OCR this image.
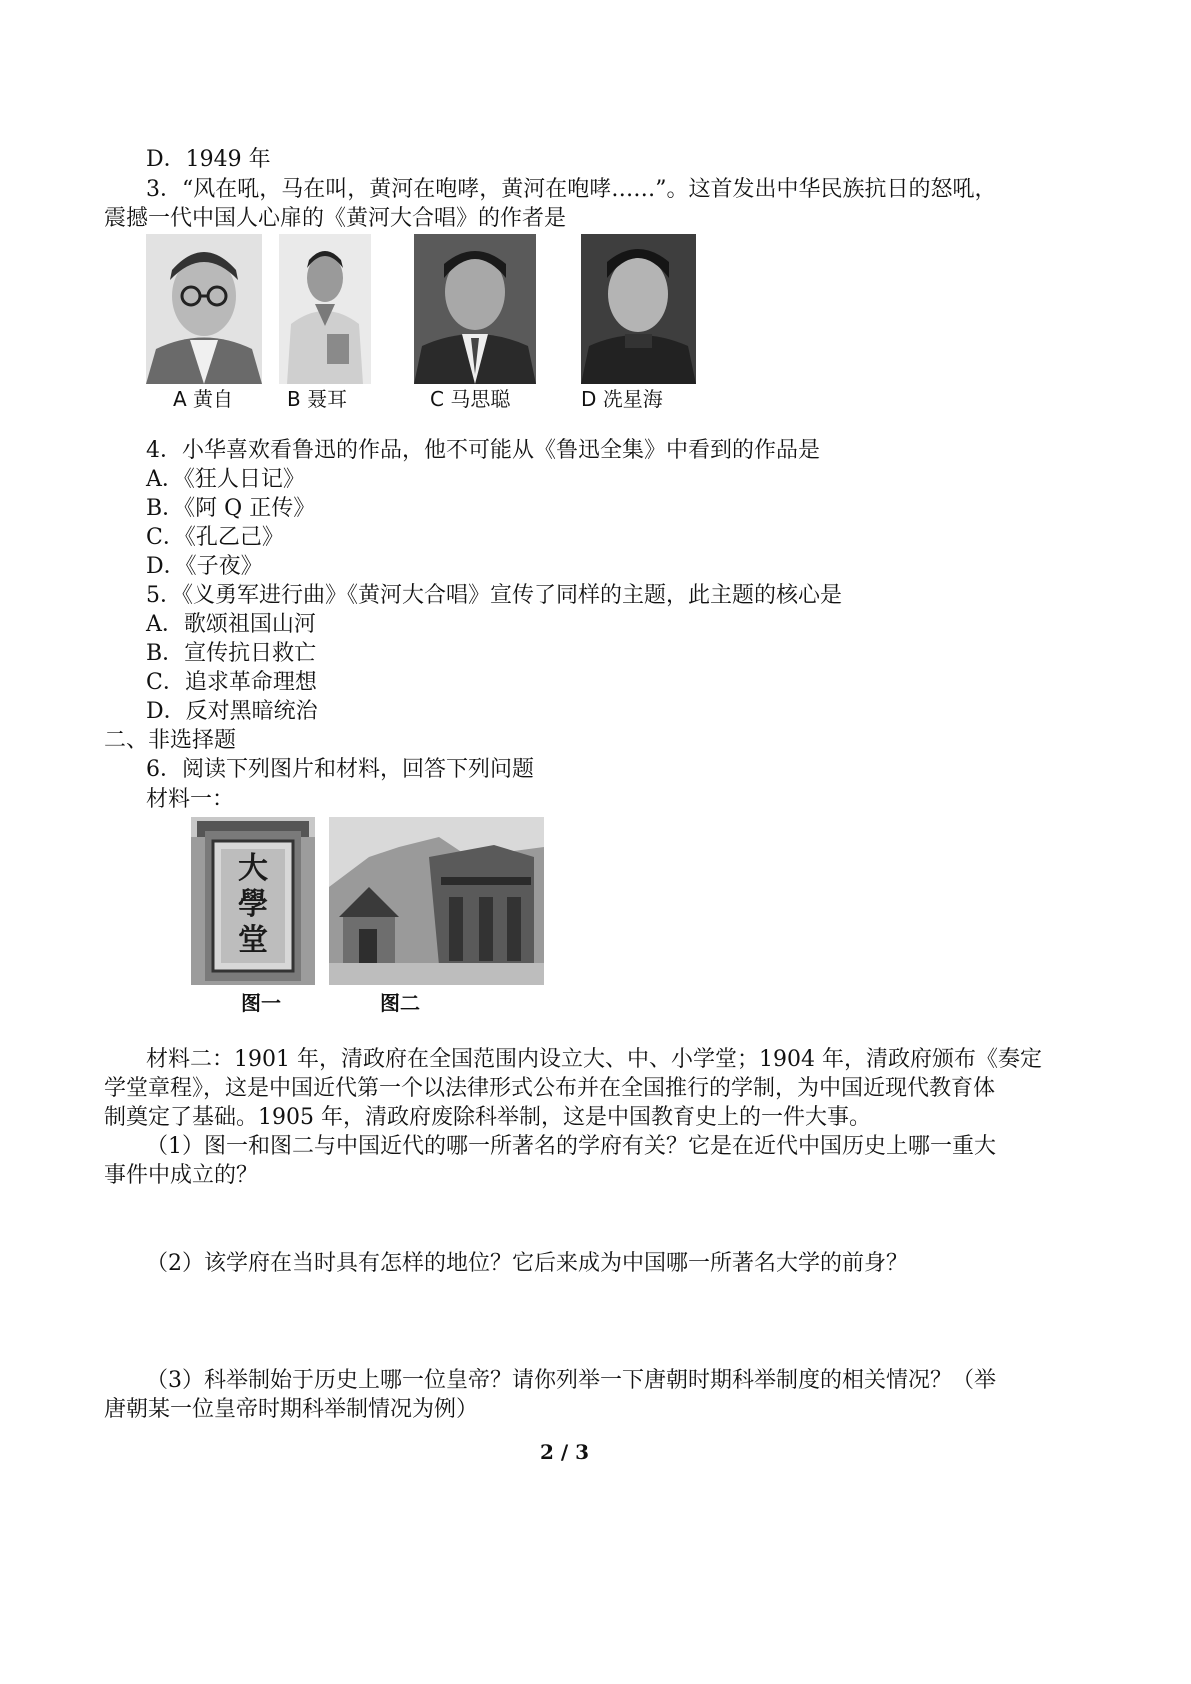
D．1949 年
3．“风在吼，马在叫，黄河在咆哮，黄河在咆哮……”。这首发出中华民族抗日的怒吼，
震撼一代中国人心扉的《黄河大合唱》的作者是
A 黄自	B 聂耳	C 马思聪	D 冼星海
4．小华喜欢看鲁迅的作品，他不可能从《鲁迅全集》中看到的作品是
A．《狂人日记》
B．《阿 Q 正传》
C．《孔乙己》
D．《子夜》
5．《义勇军进行曲》《黄河大合唱》宣传了同样的主题，此主题的核心是
A．歌颂祖国山河
B．宣传抗日救亡
C．追求革命理想
D．反对黑暗统治
二、非选择题
6．阅读下列图片和材料，回答下列问题
材料一：
大學堂
图一	图二
材料二：1901 年，清政府在全国范围内设立大、中、小学堂；1904 年，清政府颁布《奏定
学堂章程》，这是中国近代第一个以法律形式公布并在全国推行的学制，为中国近现代教育体
制奠定了基础。1905 年，清政府废除科举制，这是中国教育史上的一件大事。
（1）图一和图二与中国近代的哪一所著名的学府有关？它是在近代中国历史上哪一重大
事件中成立的？
（2）该学府在当时具有怎样的地位？它后来成为中国哪一所著名大学的前身？
（3）科举制始于历史上哪一位皇帝？请你列举一下唐朝时期科举制度的相关情况？（举
唐朝某一位皇帝时期科举制情况为例）
2 / 3
